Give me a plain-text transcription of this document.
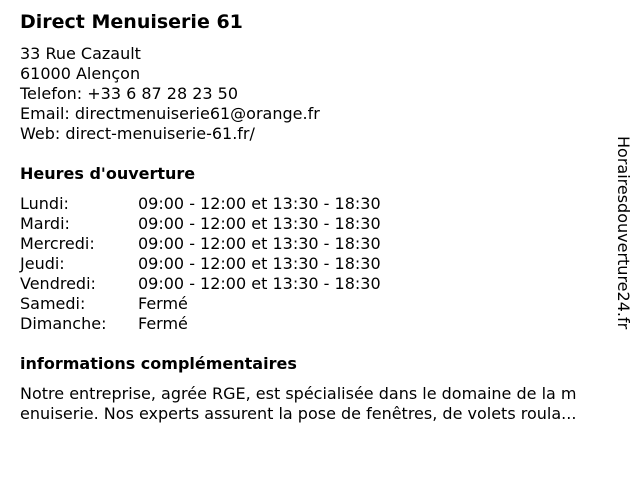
Direct Menuiserie 61
33 Rue Cazault
61000 Alençon
Telefon: +33 6 87 28 23 50
Email: directmenuiserie61@orange.fr
Web: direct-menuiserie-61.fr/
Heures d'ouverture
Lundi:	09:00 - 12:00 et 13:30 - 18:30
Mardi:	09:00 - 12:00 et 13:30 - 18:30
Mercredi:	09:00 - 12:00 et 13:30 - 18:30
Jeudi:	09:00 - 12:00 et 13:30 - 18:30
Vendredi:	09:00 - 12:00 et 13:30 - 18:30
Samedi:	Fermé
Dimanche:	Fermé
informations complémentaires
Notre entreprise, agrée RGE, est spécialisée dans le domaine de la m
enuiserie. Nos experts assurent la pose de fenêtres, de volets roula...
Horairesdouverture24.fr
